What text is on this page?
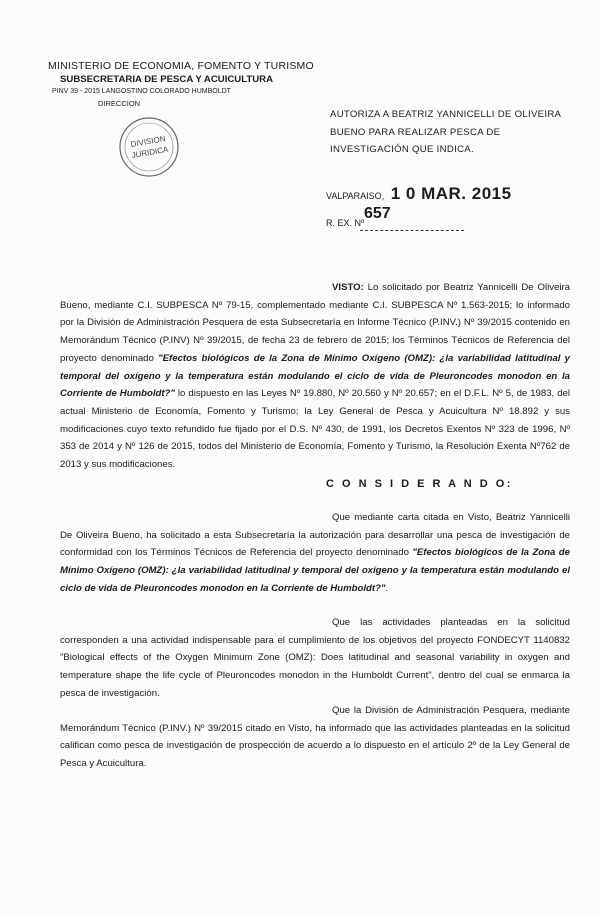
MINISTERIO DE ECONOMIA, FOMENTO Y TURISMO
SUBSECRETARIA DE PESCA Y ACUICULTURA
PINV 39 - 2015 LANGOSTINO COLORADO HUMBOLDT
DIRECCION
DIVISION
JURIDICA
AUTORIZA A BEATRIZ YANNICELLI DE OLIVEIRA BUENO PARA REALIZAR PESCA DE INVESTIGACIÓN QUE INDICA.
VALPARAISO, 1 0 MAR. 2015
R. EX. Nº
657
VISTO: Lo solicitado por Beatriz Yannicelli De Oliveira Bueno, mediante C.I. SUBPESCA Nº 79-15, complementado mediante C.I. SUBPESCA Nº 1.563-2015; lo informado por la División de Administración Pesquera de esta Subsecretaría en Informe Técnico (P.INV.) Nº 39/2015 contenido en Memorándum Técnico (P.INV) Nº 39/2015, de fecha 23 de febrero de 2015; los Términos Técnicos de Referencia del proyecto denominado "Efectos biológicos de la Zona de Mínimo Oxígeno (OMZ): ¿la variabilidad latitudinal y temporal del oxígeno y la temperatura están modulando el ciclo de vida de Pleuroncodes monodon en la Corriente de Humboldt?" lo dispuesto en las Leyes Nº 19.880, Nº 20.560 y Nº 20.657; en el D.F.L. Nº 5, de 1983, del actual Ministerio de Economía, Fomento y Turismo; la Ley General de Pesca y Acuicultura Nº 18.892 y sus modificaciones cuyo texto refundido fue fijado por el D.S. Nº 430, de 1991, los Decretos Exentos Nº 323 de 1996, Nº 353 de 2014 y Nº 126 de 2015, todos del Ministerio de Economía, Fomento y Turismo, la Resolución Exenta Nº762 de 2013 y sus modificaciones.
C O N S I D E R A N D O:
Que mediante carta citada en Visto, Beatriz Yannicelli De Oliveira Bueno, ha solicitado a esta Subsecretaría la autorización para desarrollar una pesca de investigación de conformidad con los Términos Técnicos de Referencia del proyecto denominado "Efectos biológicos de la Zona de Mínimo Oxígeno (OMZ): ¿la variabilidad latitudinal y temporal del oxígeno y la temperatura están modulando el ciclo de vida de Pleuroncodes monodon en la Corriente de Humboldt?".
Que las actividades planteadas en la solicitud corresponden a una actividad indispensable para el cumplimiento de los objetivos del proyecto FONDECYT 1140832 "Biological effects of the Oxygen Minimum Zone (OMZ): Does latitudinal and seasonal variability in oxygen and temperature shape the life cycle of Pleuroncodes monodon in the Humboldt Current", dentro del cual se enmarca la pesca de investigación.
Que la División de Administración Pesquera, mediante Memorándum Técnico (P.INV.) Nº 39/2015 citado en Visto, ha informado que las actividades planteadas en la solicitud califican como pesca de investigación de prospección de acuerdo a lo dispuesto en el artículo 2º de la Ley General de Pesca y Acuicultura.
